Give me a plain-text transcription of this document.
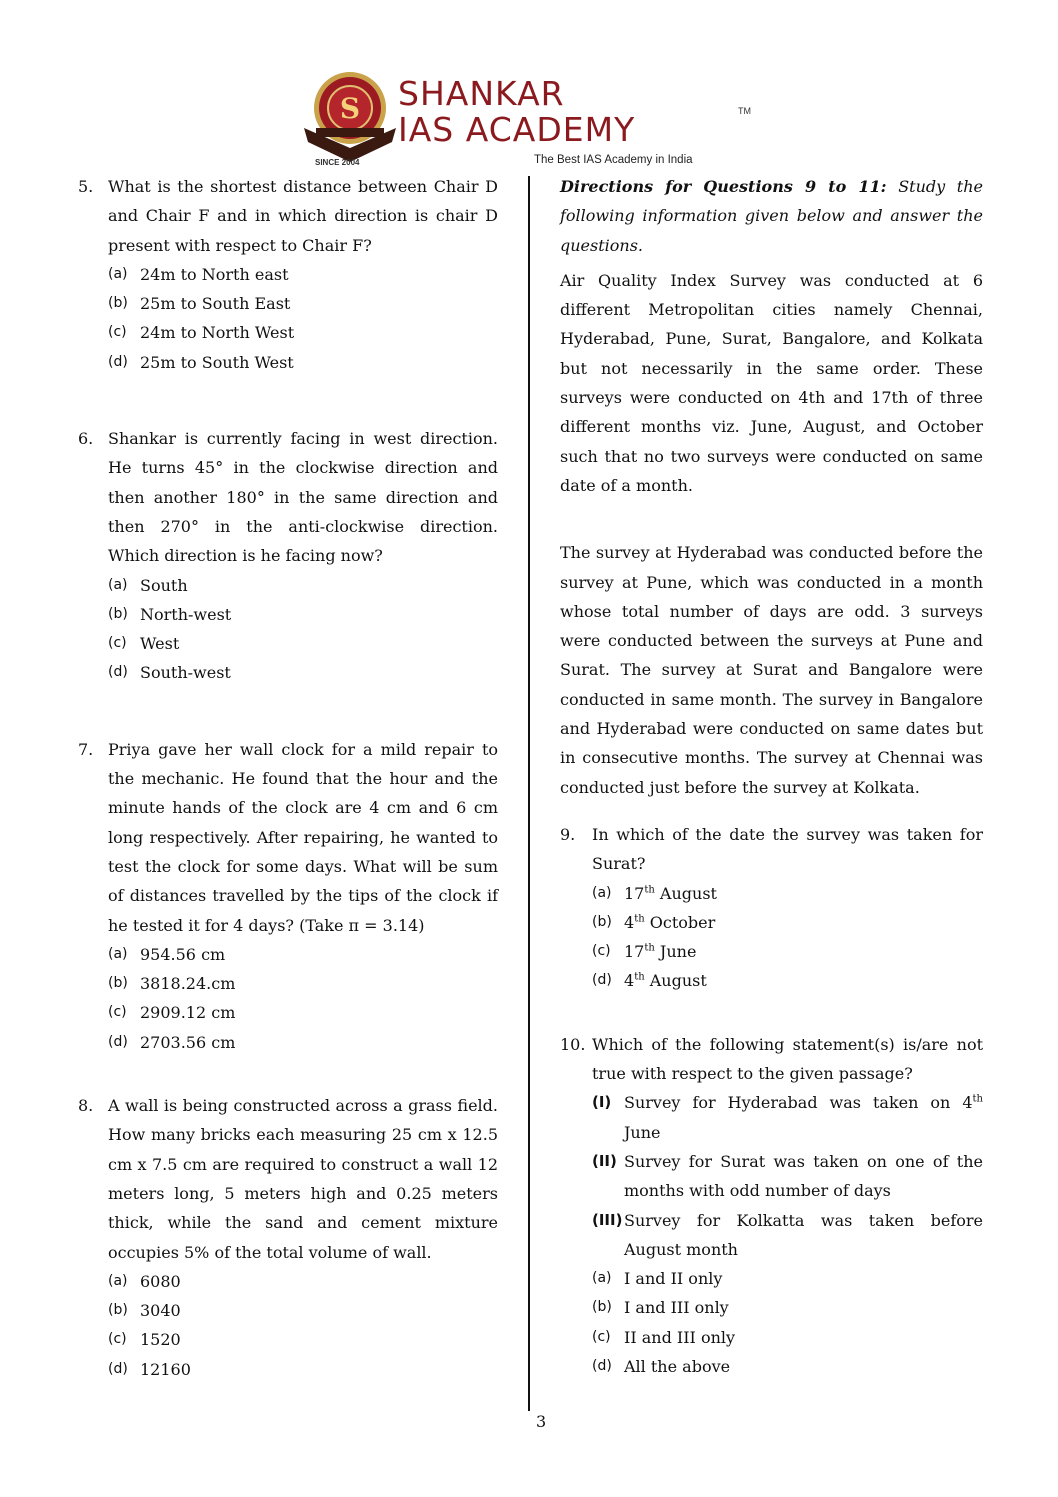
S
SINCE 2004
SHANKAR
IAS ACADEMY	TM
The Best IAS Academy in India
5. What is the shortest distance between Chair D and Chair F and in which direction is chair D present with respect to Chair F?
(a) 24m to North east
(b) 25m to South East
(c) 24m to North West
(d) 25m to South West
6. Shankar is currently facing in west direction. He turns 45° in the clockwise direction and then another 180° in the same direction and then 270° in the anti-clockwise direction. Which direction is he facing now?
(a) South
(b) North-west
(c) West
(d) South-west
7. Priya gave her wall clock for a mild repair to the mechanic. He found that the hour and the minute hands of the clock are 4 cm and 6 cm long respectively. After repairing, he wanted to test the clock for some days. What will be sum of distances travelled by the tips of the clock if he tested it for 4 days? (Take π = 3.14)
(a) 954.56 cm
(b) 3818.24.cm
(c) 2909.12 cm
(d) 2703.56 cm
8. A wall is being constructed across a grass field. How many bricks each measuring 25 cm x 12.5 cm x 7.5 cm are required to construct a wall 12 meters long, 5 meters high and 0.25 meters thick, while the sand and cement mixture occupies 5% of the total volume of wall.
(a) 6080
(b) 3040
(c) 1520
(d) 12160
Directions for Questions 9 to 11: Study the following information given below and answer the questions.
Air Quality Index Survey was conducted at 6 different Metropolitan cities namely Chennai, Hyderabad, Pune, Surat, Bangalore, and Kolkata but not necessarily in the same order. These surveys were conducted on 4th and 17th of three different months viz. June, August, and October such that no two surveys were conducted on same date of a month.
The survey at Hyderabad was conducted before the survey at Pune, which was conducted in a month whose total number of days are odd. 3 surveys were conducted between the surveys at Pune and Surat. The survey at Surat and Bangalore were conducted in same month. The survey in Bangalore and Hyderabad were conducted on same dates but in consecutive months. The survey at Chennai was conducted just before the survey at Kolkata.
9. In which of the date the survey was taken for Surat?
(a) 17th August
(b) 4th October
(c) 17th June
(d) 4th August
10. Which of the following statement(s) is/are not true with respect to the given passage?
(I) Survey for Hyderabad was taken on 4th June
(II) Survey for Surat was taken on one of the months with odd number of days
(III) Survey for Kolkatta was taken before August month
(a) I and II only
(b) I and III only
(c) II and III only
(d) All the above
3
